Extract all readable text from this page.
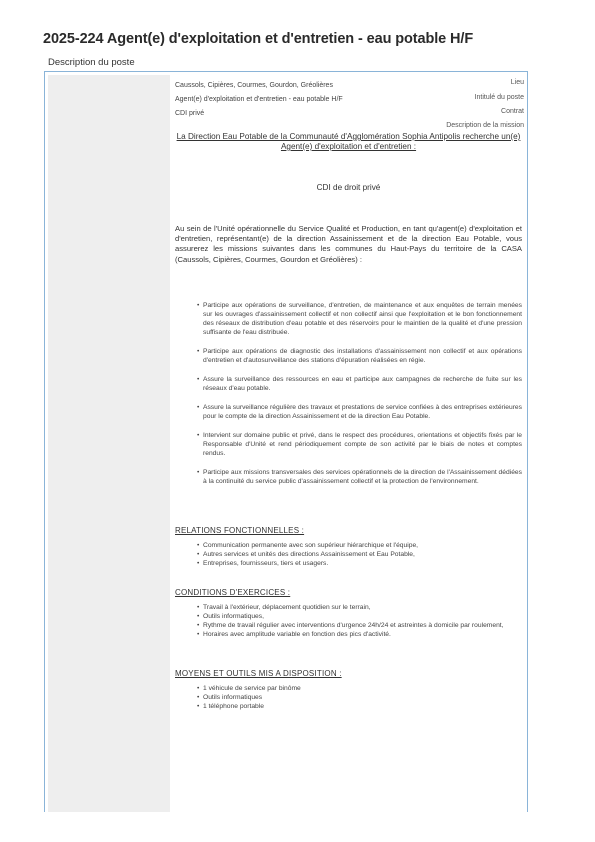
2025-224 Agent(e) d'exploitation et d'entretien - eau potable H/F
Description du poste
Lieu
Caussols, Cipières, Courmes, Gourdon, Gréolières
Intitulé du poste
Agent(e) d'exploitation et d'entretien - eau potable H/F
Contrat
CDI privé
Description de la mission
La Direction Eau Potable de la Communauté d'Agglomération Sophia Antipolis recherche un(e) Agent(e) d'exploitation et d'entretien :
CDI de droit privé
Au sein de l'Unité opérationnelle du Service Qualité et Production, en tant qu'agent(e) d'exploitation et d'entretien, représentant(e) de la direction Assainissement et de la direction Eau Potable, vous assurerez les missions suivantes dans les communes du Haut-Pays du territoire de la CASA (Caussols, Cipières, Courmes, Gourdon et Gréolières) :
• Participe aux opérations de surveillance, d'entretien, de maintenance et aux enquêtes de terrain menées sur les ouvrages d'assainissement collectif et non collectif ainsi que l'exploitation et le bon fonctionnement des réseaux de distribution d'eau potable et des réservoirs pour le maintien de la qualité et d'une pression suffisante de l'eau distribuée.
• Participe aux opérations de diagnostic des installations d'assainissement non collectif et aux opérations d'entretien et d'autosurveillance des stations d'épuration réalisées en régie.
• Assure la surveillance des ressources en eau et participe aux campagnes de recherche de fuite sur les réseaux d'eau potable.
• Assure la surveillance régulière des travaux et prestations de service confiées à des entreprises extérieures pour le compte de la direction Assainissement et de la direction Eau Potable.
• Intervient sur domaine public et privé, dans le respect des procédures, orientations et objectifs fixés par le Responsable d'Unité et rend périodiquement compte de son activité par le biais de notes et comptes rendus.
• Participe aux missions transversales des services opérationnels de la direction de l'Assainissement dédiées à la continuité du service public d'assainissement collectif et la protection de l'environnement.
RELATIONS FONCTIONNELLES :
• Communication permanente avec son supérieur hiérarchique et l'équipe,
• Autres services et unités des directions Assainissement et Eau Potable,
• Entreprises, fournisseurs, tiers et usagers.
CONDITIONS D'EXERCICES :
• Travail à l'extérieur, déplacement quotidien sur le terrain,
• Outils informatiques,
• Rythme de travail régulier avec interventions d'urgence 24h/24 et astreintes à domicile par roulement,
• Horaires avec amplitude variable en fonction des pics d'activité.
MOYENS ET OUTILS MIS A DISPOSITION :
• 1 véhicule de service par binôme
• Outils informatiques
• 1 téléphone portable
